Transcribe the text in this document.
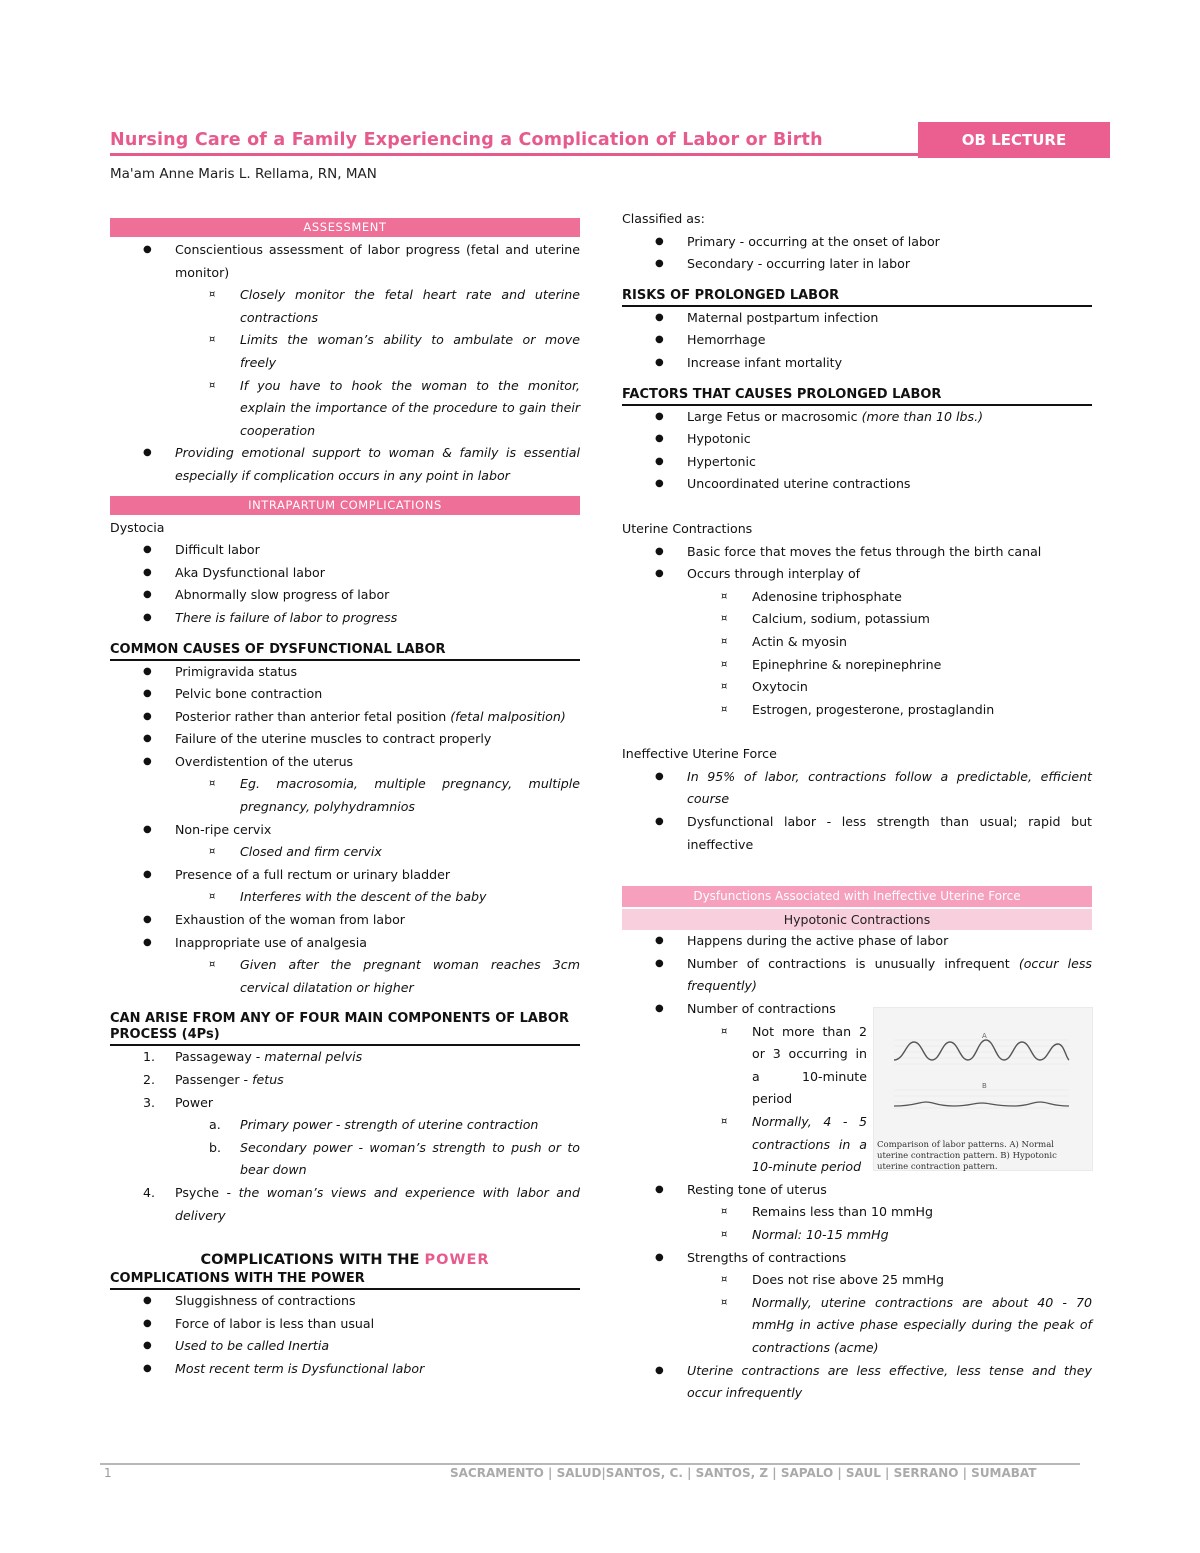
Nursing Care of a Family Experiencing a Complication of Labor or Birth	OB LECTURE
Ma'am Anne Maris L. Rellama, RN, MAN
ASSESSMENT
● Conscientious assessment of labor progress (fetal and uterine monitor)
¤ Closely monitor the fetal heart rate and uterine contractions
¤ Limits the woman’s ability to ambulate or move freely
¤ If you have to hook the woman to the monitor, explain the importance of the procedure to gain their cooperation
● Providing emotional support to woman & family is essential especially if complication occurs in any point in labor
INTRAPARTUM COMPLICATIONS

Dystocia

● Difficult labor
● Aka Dysfunctional labor
● Abnormally slow progress of labor
● There is failure of labor to progress

COMMON CAUSES OF DYSFUNCTIONAL LABOR

● Primigravida status
● Pelvic bone contraction
● Posterior rather than anterior fetal position (fetal malposition)
● Failure of the uterine muscles to contract properly
● Overdistention of the uterus
¤ Eg. macrosomia, multiple pregnancy, multiple pregnancy, polyhydramnios
● Non-ripe cervix
¤ Closed and firm cervix
● Presence of a full rectum or urinary bladder
¤ Interferes with the descent of the baby
● Exhaustion of the woman from labor
● Inappropriate use of analgesia
¤ Given after the pregnant woman reaches 3cm cervical dilatation or higher

CAN ARISE FROM ANY OF FOUR MAIN COMPONENTS OF LABOR PROCESS (4Ps)

1. Passageway - maternal pelvis
2. Passenger - fetus
3. Power
a. Primary power - strength of uterine contraction
b. Secondary power - woman’s strength to push or to bear down
4. Psyche - the woman’s views and experience with labor and delivery

COMPLICATIONS WITH THE POWER

COMPLICATIONS WITH THE POWER

● Sluggishness of contractions
● Force of labor is less than usual
● Used to be called Inertia
● Most recent term is Dysfunctional labor

Classified as:

● Primary - occurring at the onset of labor
● Secondary - occurring later in labor

RISKS OF PROLONGED LABOR

● Maternal postpartum infection
● Hemorrhage
● Increase infant mortality

FACTORS THAT CAUSES PROLONGED LABOR

● Large Fetus or macrosomic (more than 10 lbs.)
● Hypotonic
● Hypertonic
● Uncoordinated uterine contractions

Uterine Contractions

● Basic force that moves the fetus through the birth canal
● Occurs through interplay of
¤ Adenosine triphosphate
¤ Calcium, sodium, potassium
¤ Actin & myosin
¤ Epinephrine & norepinephrine
¤ Oxytocin
¤ Estrogen, progesterone, prostaglandin

Ineffective Uterine Force

● In 95% of labor, contractions follow a predictable, efficient course
● Dysfunctional labor - less strength than usual; rapid but ineffective
Dysfunctions Associated with Ineffective Uterine Force
Hypotonic Contractions
● Happens during the active phase of labor
● Number of contractions is unusually infrequent (occur less frequently)
● Number of contractions
¤ Not more than 2 or 3 occurring in a 10-minute period
¤ Normally, 4 - 5 contractions in a 10-minute period
● Resting tone of uterus
¤ Remains less than 10 mmHg
¤ Normal: 10-15 mmHg
● Strengths of contractions
¤ Does not rise above 25 mmHg
¤ Normally, uterine contractions are about 40 - 70 mmHg in active phase especially during the peak of contractions (acme)
● Uterine contractions are less effective, less tense and they occur infrequently
A
B
Comparison of labor patterns. A) Normal uterine contraction pattern. B) Hypotonic uterine contraction pattern.
1	SACRAMENTO | SALUD|SANTOS, C. | SANTOS, Z | SAPALO | SAUL | SERRANO | SUMABAT
